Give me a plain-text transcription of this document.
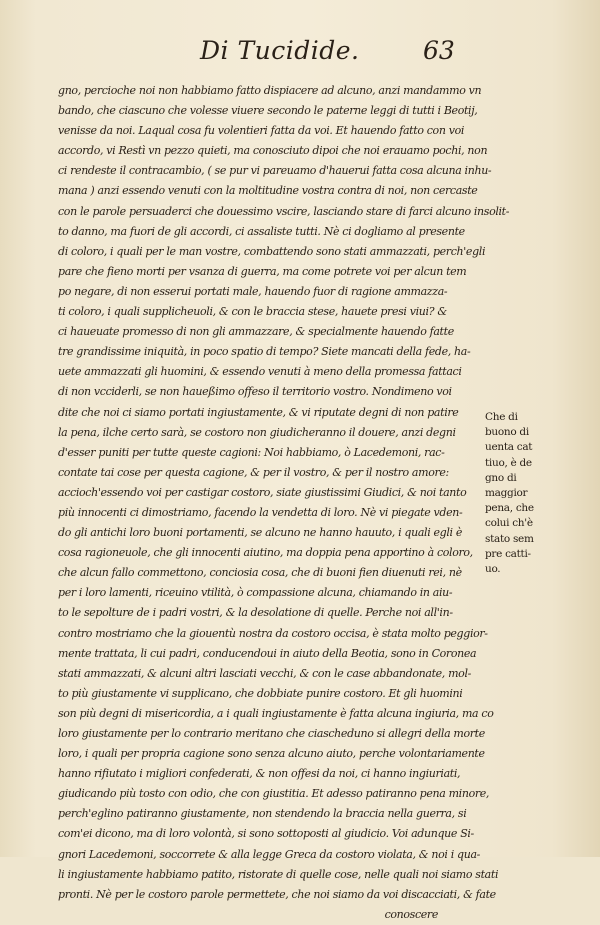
Di Tucidide.	63
gno, percioche noi non habbiamo fatto dispiacere ad alcuno, anzi mandammo vn
bando, che ciascuno che volesse viuere secondo le paterne leggi di tutti i Beotij,
venisse da noi. Laqual cosa fu volentieri fatta da voi. Et hauendo fatto con voi
accordo, vi Restì vn pezzo quieti, ma conosciuto dipoi che noi erauamo pochi, non
ci rendeste il contracambio, ( se pur vi pareuamo d'hauerui fatta cosa alcuna inhu-
mana ) anzi essendo venuti con la moltitudine vostra contra di noi, non cercaste
con le parole persuaderci che douessimo vscire, lasciando stare di farci alcuno insolit-
to danno, ma fuori de gli accordi, ci assaliste tutti. Nè ci dogliamo al presente
di coloro, i quali per le man vostre, combattendo sono stati ammazzati, perch'egli
pare che fieno morti per vsanza di guerra, ma come potrete voi per alcun tem
po negare, di non esserui portati male, hauendo fuor di ragione ammazza-
ti coloro, i quali supplicheuoli, & con le braccia stese, hauete presi viui? &
ci haueuate promesso di non gli ammazzare, & specialmente hauendo fatte
tre grandissime iniquità, in poco spatio di tempo? Siete mancati della fede, ha-
uete ammazzati gli huomini, & essendo venuti à meno della promessa fattaci
di non vcciderli, se non haueßimo offeso il territorio vostro. Nondimeno voi
dite che noi ci siamo portati ingiustamente, & vi riputate degni di non patire
la pena, ilche certo sarà, se costoro non giudicheranno il douere, anzi degni
d'esser puniti per tutte queste cagioni: Noi habbiamo, ò Lacedemoni, rac-
contate tai cose per questa cagione, & per il vostro, & per il nostro amore:
accioch'essendo voi per castigar costoro, siate giustissimi Giudici, & noi tanto
più innocenti ci dimostriamo, facendo la vendetta di loro. Nè vi piegate vden-
do gli antichi loro buoni portamenti, se alcuno ne hanno hauuto, i quali egli è
cosa ragioneuole, che gli innocenti aiutino, ma doppia pena apportino à coloro,
che alcun fallo commettono, conciosia cosa, che di buoni fien diuenuti rei, nè
per i loro lamenti, riceuino vtilità, ò compassione alcuna, chiamando in aiu-
to le sepolture de i padri vostri, & la desolatione di quelle. Perche noi all'in-
contro mostriamo che la giouentù nostra da costoro occisa, è stata molto peggior-
mente trattata, li cui padri, conducendoui in aiuto della Beotia, sono in Coronea
stati ammazzati, & alcuni altri lasciati vecchi, & con le case abbandonate, mol-
to più giustamente vi supplicano, che dobbiate punire costoro. Et gli huomini
son più degni di misericordia, a i quali ingiustamente è fatta alcuna ingiuria, ma co
loro giustamente per lo contrario meritano che ciascheduno si allegri della morte
loro, i quali per propria cagione sono senza alcuno aiuto, perche volontariamente
hanno rifiutato i migliori confederati, & non offesi da noi, ci hanno ingiuriati,
giudicando più tosto con odio, che con giustitia. Et adesso patiranno pena minore,
perch'eglino patiranno giustamente, non stendendo la braccia nella guerra, si
com'ei dicono, ma di loro volontà, si sono sottoposti al giudicio. Voi adunque Si-
gnori Lacedemoni, soccorrete & alla legge Greca da costoro violata, & noi i qua-
li ingiustamente habbiamo patito, ristorate di quelle cose, nelle quali noi siamo stati
pronti. Nè per le costoro parole permettete, che noi siamo da voi discacciati, & fate
conoscere
Che di
buono di
uenta cat
tiuo, è de
gno di
maggior
pena, che
colui ch'è
stato sem
pre catti-
uo.
